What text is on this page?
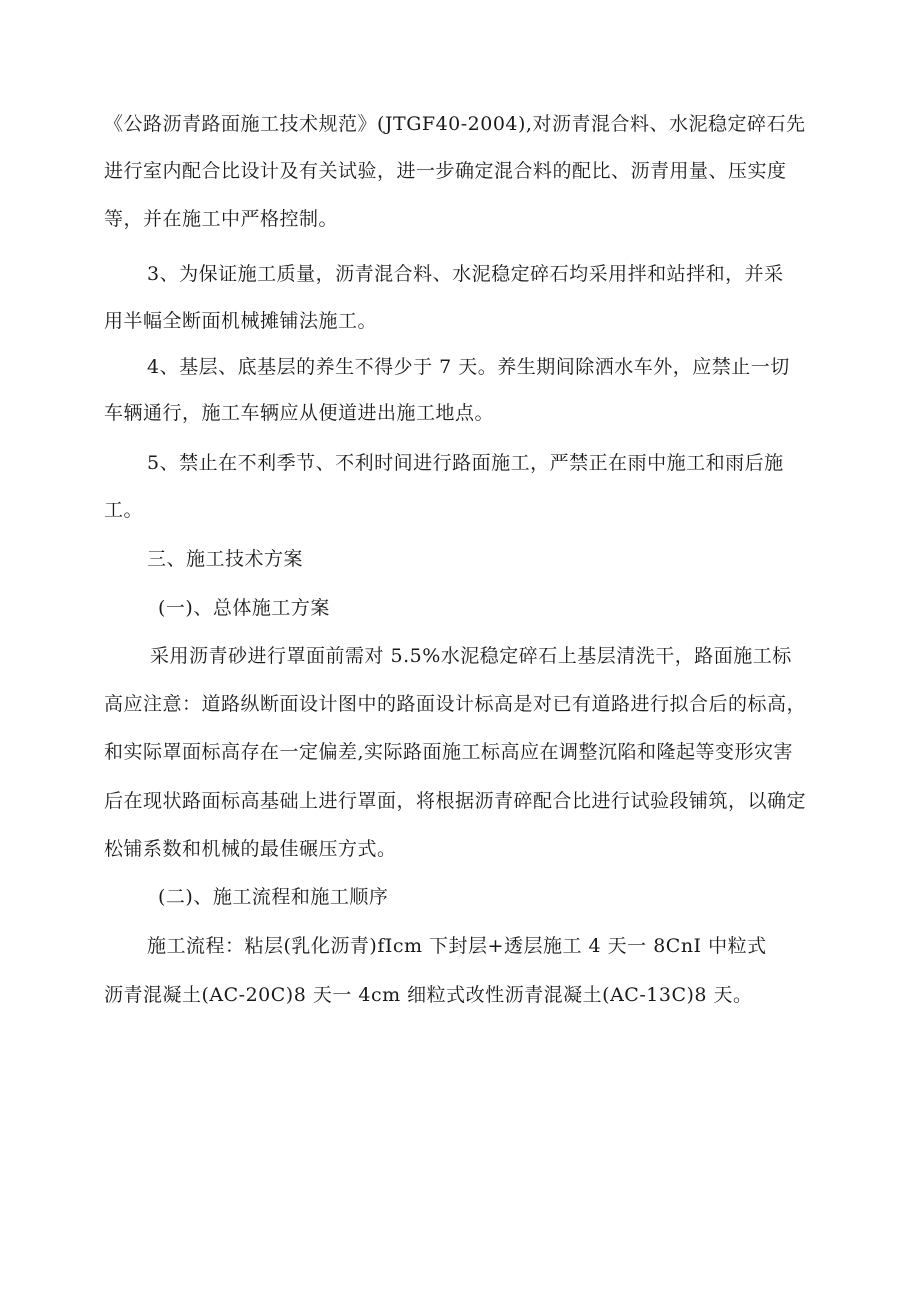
《公路沥青路面施工技术规范》(JTGF40-2004),对沥青混合料、水泥稳定碎石先
进行室内配合比设计及有关试验，进一步确定混合料的配比、沥青用量、压实度
等，并在施工中严格控制。
3、为保证施工质量，沥青混合料、水泥稳定碎石均采用拌和站拌和，并采
用半幅全断面机械摊铺法施工。
4、基层、底基层的养生不得少于 7 天。养生期间除洒水车外，应禁止一切
车辆通行，施工车辆应从便道进出施工地点。
5、禁止在不利季节、不利时间进行路面施工，严禁正在雨中施工和雨后施
工。
三、施工技术方案
(一)、总体施工方案
采用沥青砂进行罩面前需对 5.5%水泥稳定碎石上基层清洗干，路面施工标
高应注意：道路纵断面设计图中的路面设计标高是对已有道路进行拟合后的标高，
和实际罩面标高存在一定偏差,实际路面施工标高应在调整沉陷和隆起等变形灾害
后在现状路面标高基础上进行罩面，将根据沥青碎配合比进行试验段铺筑，以确定
松铺系数和机械的最佳碾压方式。
(二)、施工流程和施工顺序
施工流程：粘层(乳化沥青)fIcm 下封层+透层施工 4 天一 8CnI 中粒式
沥青混凝土(AC-20C)8 天一 4cm 细粒式改性沥青混凝土(AC-13C)8 天。
